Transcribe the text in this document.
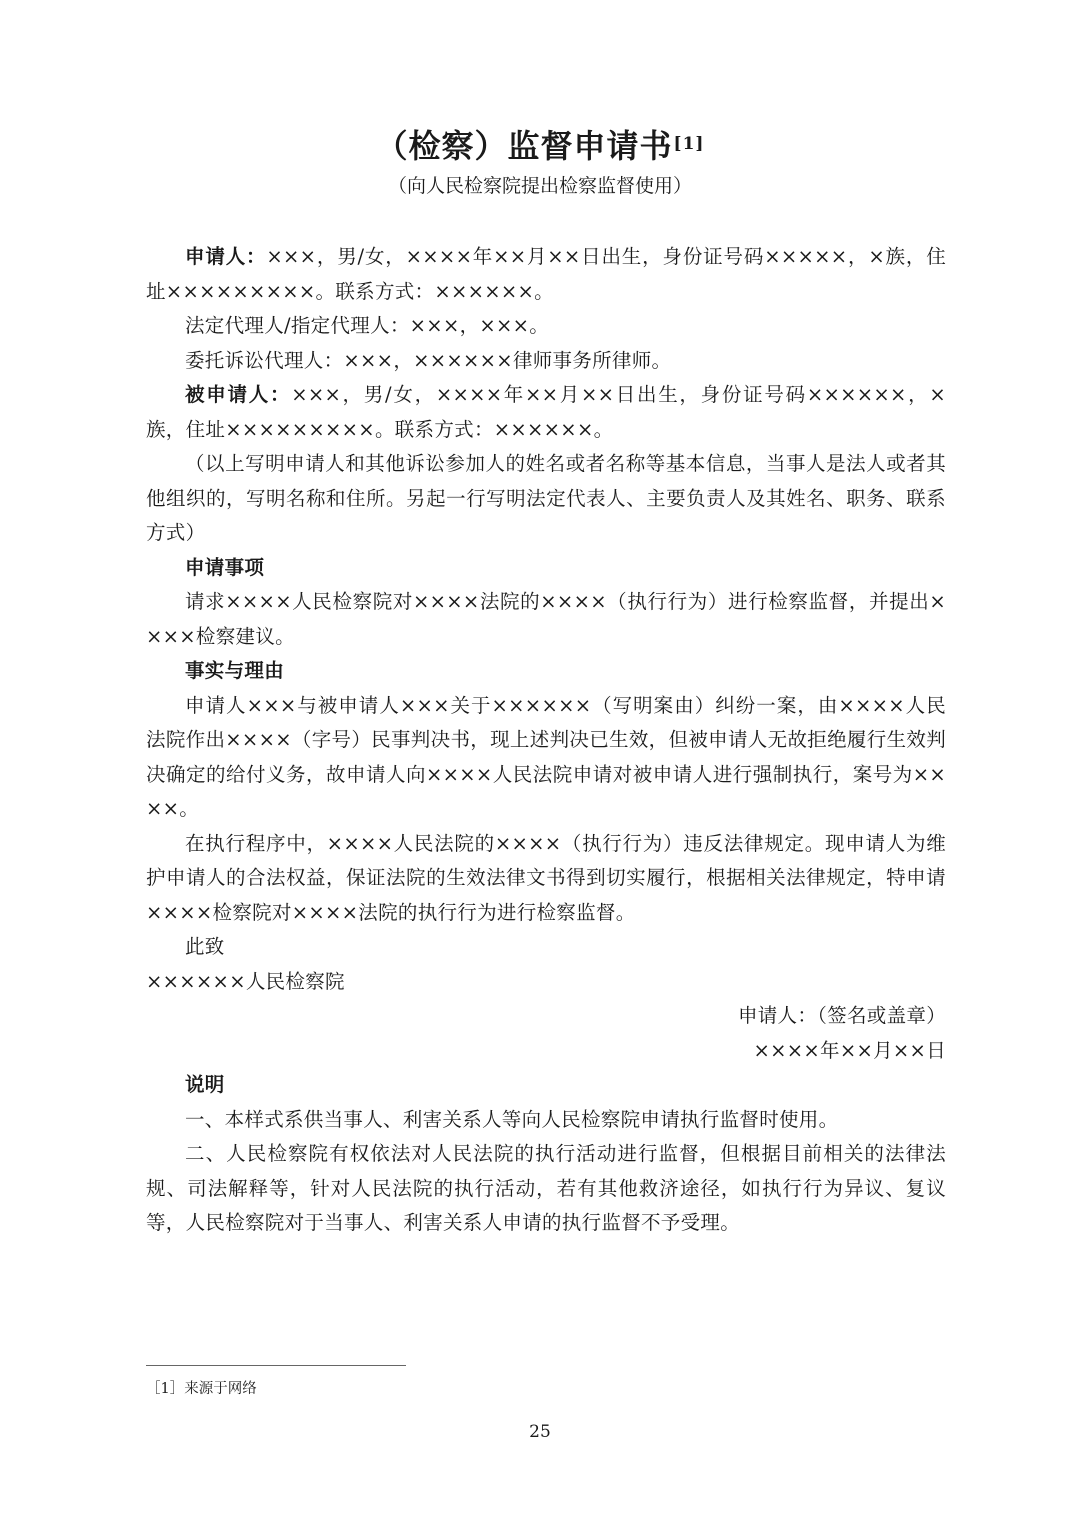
（检察）监督申请书[1]
（向人民检察院提出检察监督使用）

申请人：×××，男/女，××××年××月××日出生，身份证号码×××××，×族，住址×××××××××。联系方式：××××××。

法定代理人/指定代理人：×××，×××。

委托诉讼代理人：×××，××××××律师事务所律师。

被申请人：×××，男/女，××××年××月××日出生，身份证号码××××××，×族，住址×××××××××。联系方式：××××××。

（以上写明申请人和其他诉讼参加人的姓名或者名称等基本信息，当事人是法人或者其他组织的，写明名称和住所。另起一行写明法定代表人、主要负责人及其姓名、职务、联系方式）

申请事项

请求××××人民检察院对××××法院的××××（执行行为）进行检察监督，并提出××××检察建议。

事实与理由

申请人×××与被申请人×××关于××××××（写明案由）纠纷一案，由××××人民法院作出××××（字号）民事判决书，现上述判决已生效，但被申请人无故拒绝履行生效判决确定的给付义务，故申请人向××××人民法院申请对被申请人进行强制执行，案号为××××。

在执行程序中，××××人民法院的××××（执行行为）违反法律规定。现申请人为维护申请人的合法权益，保证法院的生效法律文书得到切实履行，根据相关法律规定，特申请××××检察院对××××法院的执行行为进行检察监督。

此致

××××××人民检察院

申请人：（签名或盖章）

××××年××月××日

说明

一、本样式系供当事人、利害关系人等向人民检察院申请执行监督时使用。

二、人民检察院有权依法对人民法院的执行活动进行监督，但根据目前相关的法律法规、司法解释等，针对人民法院的执行活动，若有其他救济途径，如执行行为异议、复议等，人民检察院对于当事人、利害关系人申请的执行监督不予受理。

［1］来源于网络
25
